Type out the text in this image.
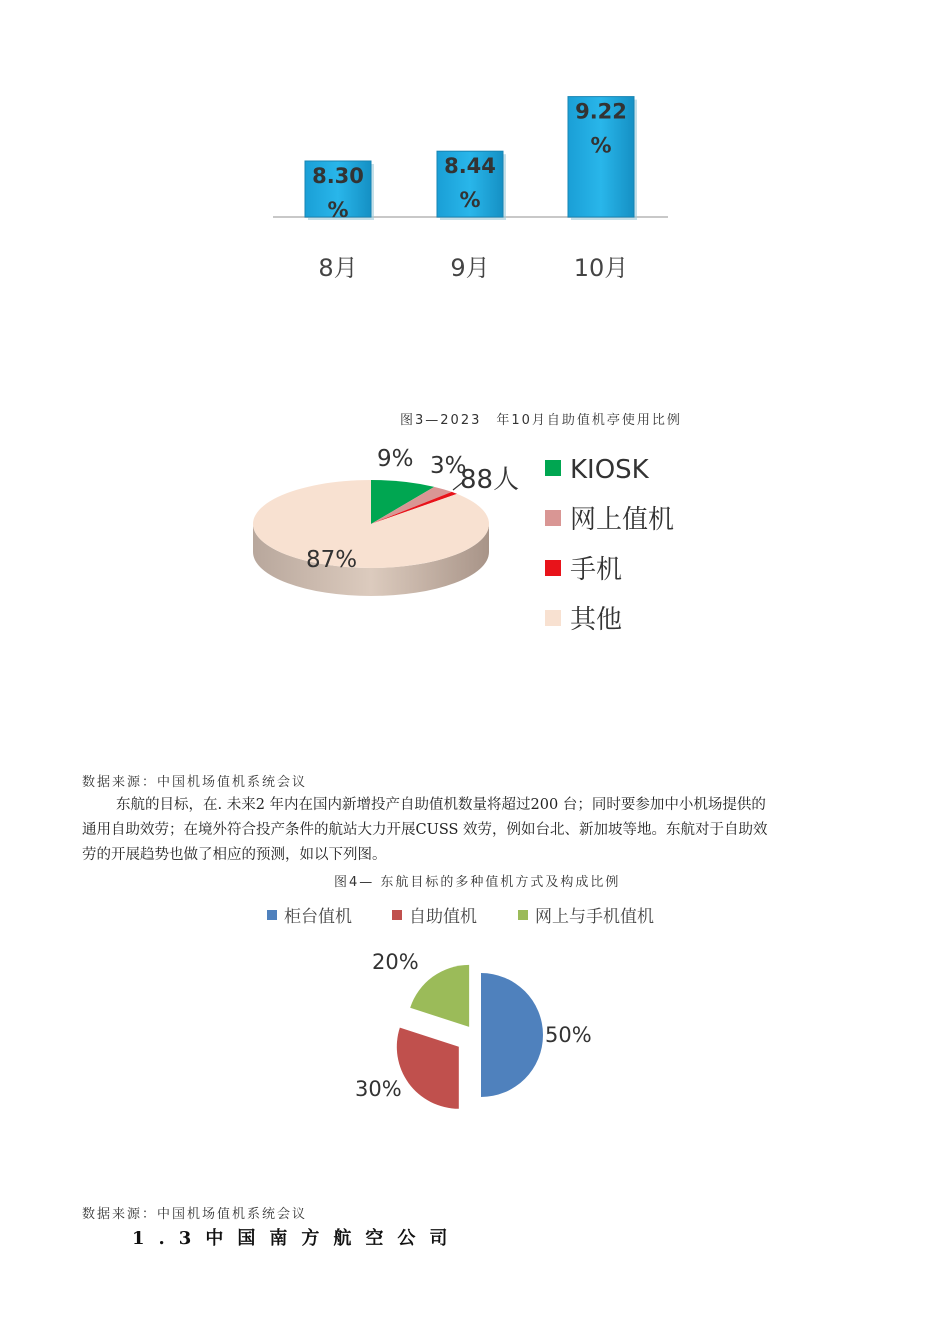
8.30
%
8月
8.44
%
9月
9.22
%
10月
图3—2023　年10月自助值机亭使用比例
9% 3%
88人
87%
KIOSK
网上值机
手机
其他
数据来源：中国机场值机系统会议

东航的目标，在. 未来2 年内在国内新增投产自助值机数量将超过200 台；同时要参加中小机场提供的

通用自助效劳；在境外符合投产条件的航站大力开展CUSS 效劳，例如台北、新加坡等地。东航对于自助效

劳的开展趋势也做了相应的预测，如以下列图。

图4— 东航目标的多种值机方式及构成比例
柜台值机	自助值机	网上与手机值机
50%
30%
20%
数据来源：中国机场值机系统会议
1.3中国南方航空公司
